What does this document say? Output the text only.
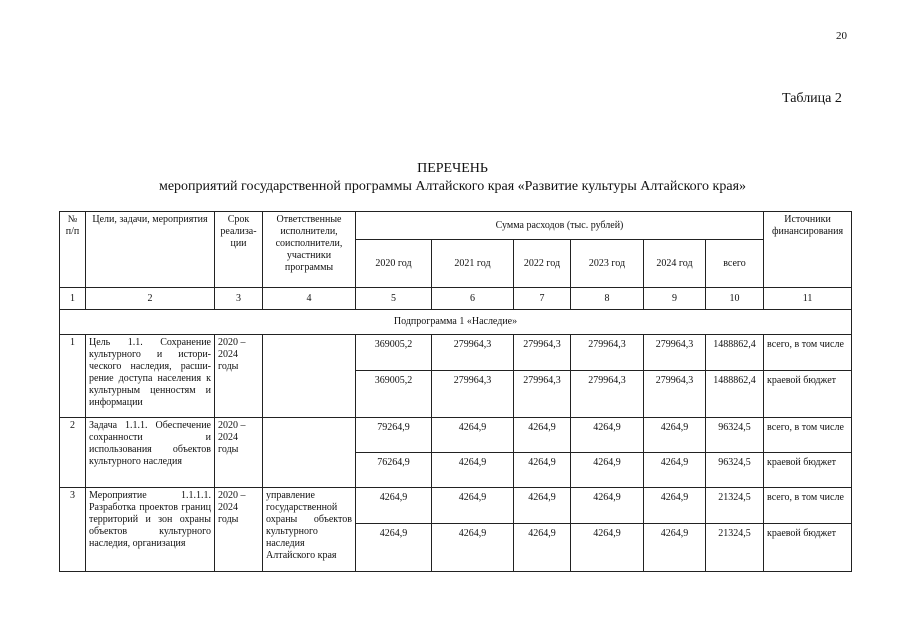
20
Таблица 2
ПЕРЕЧЕНЬ
мероприятий государственной программы Алтайского края «Развитие культуры Алтайского края»
№ п/п	Цели, задачи, мероприятия	Срок реализа-ции	Ответственные исполнители, соисполнители, участники программы	Сумма расходов (тыс. рублей)						Источники финансирования
				2020 год	2021 год	2022 год	2023 год	2024 год	всего	
1	2	3	4	5	6	7	8	9	10	11
Подпрограмма 1 «Наследие»										
1	Цель 1.1. Сохранение культурного и истори-ческого наследия, расши-рение доступа населения к культурным ценностям и информации	2020 – 2024 годы		369005,2	279964,3	279964,3	279964,3	279964,3	1488862,4	всего, в том числе
				369005,2	279964,3	279964,3	279964,3	279964,3	1488862,4	краевой бюджет
2	Задача 1.1.1. Обеспечение сохранности и использования объектов культурного наследия	2020 – 2024 годы		79264,9	4264,9	4264,9	4264,9	4264,9	96324,5	всего, в том числе
				76264,9	4264,9	4264,9	4264,9	4264,9	96324,5	краевой бюджет
3	Мероприятие 1.1.1.1. Разработка проектов границ территорий и зон охраны объектов культурного наследия, организация	2020 – 2024 годы	управление государственной охраны объектов культурного наследия Алтайского края	4264,9	4264,9	4264,9	4264,9	4264,9	21324,5	всего, в том числе
				4264,9	4264,9	4264,9	4264,9	4264,9	21324,5	краевой бюджет
